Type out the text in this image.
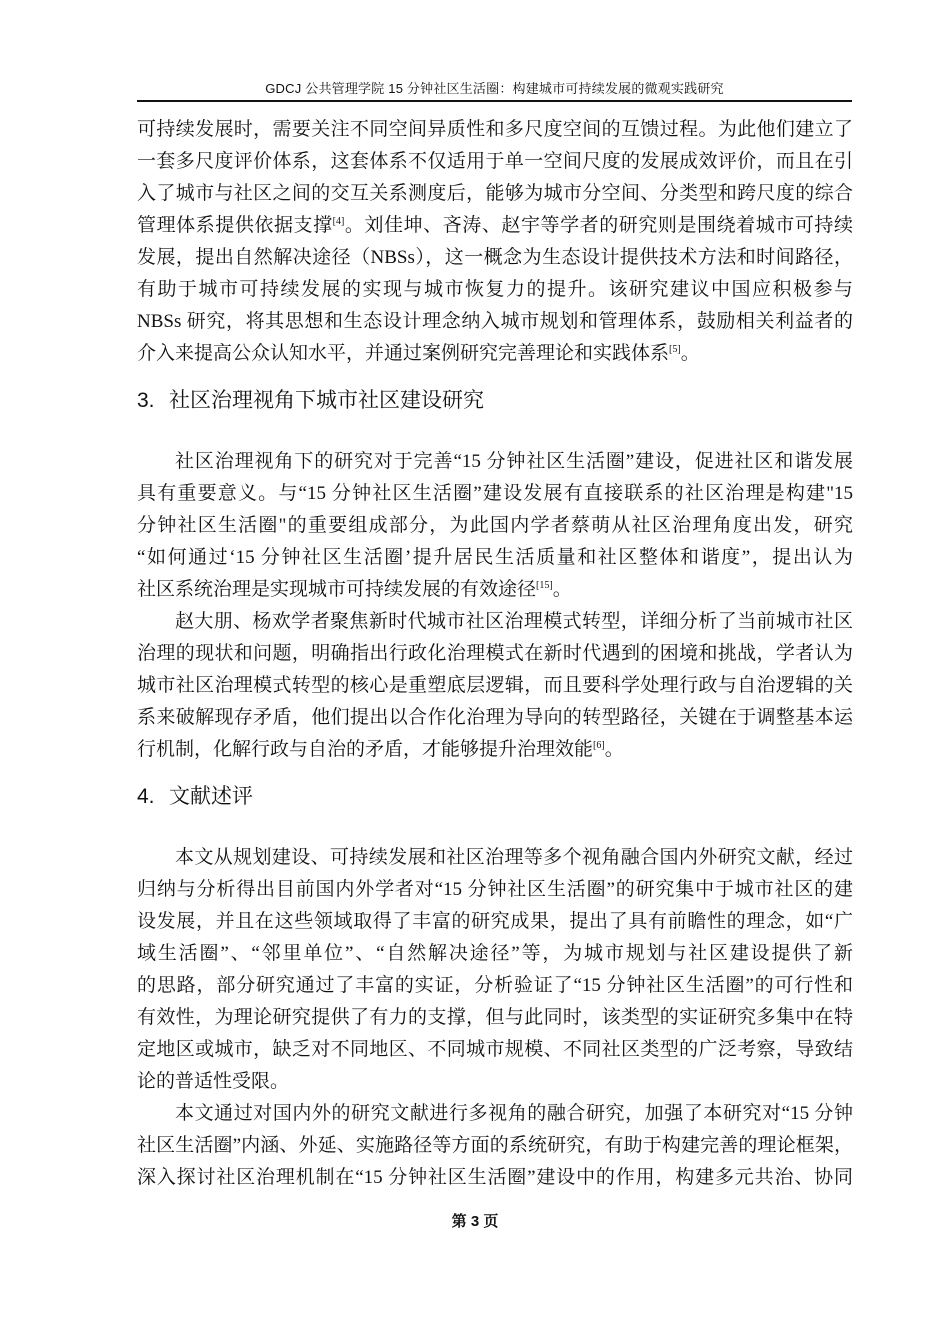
GDCJ 公共管理学院 15 分钟社区生活圈：构建城市可持续发展的微观实践研究
可持续发展时，需要关注不同空间异质性和多尺度空间的互馈过程。为此他们建立了
一套多尺度评价体系，这套体系不仅适用于单一空间尺度的发展成效评价，而且在引
入了城市与社区之间的交互关系测度后，能够为城市分空间、分类型和跨尺度的综合
管理体系提供依据支撑[4]。刘佳坤、吝涛、赵宇等学者的研究则是围绕着城市可持续
发展，提出自然解决途径（NBSs），这一概念为生态设计提供技术方法和时间路径，
有助于城市可持续发展的实现与城市恢复力的提升。该研究建议中国应积极参与
NBSs 研究，将其思想和生态设计理念纳入城市规划和管理体系，鼓励相关利益者的
介入来提高公众认知水平，并通过案例研究完善理论和实践体系[5]。
3. 社区治理视角下城市社区建设研究
社区治理视角下的研究对于完善“15 分钟社区生活圈”建设，促进社区和谐发展
具有重要意义。与“15 分钟社区生活圈”建设发展有直接联系的社区治理是构建"15
分钟社区生活圈"的重要组成部分，为此国内学者蔡萌从社区治理角度出发，研究
“如何通过‘15 分钟社区生活圈’提升居民生活质量和社区整体和谐度”，提出认为
社区系统治理是实现城市可持续发展的有效途径[15]。
赵大朋、杨欢学者聚焦新时代城市社区治理模式转型，详细分析了当前城市社区
治理的现状和问题，明确指出行政化治理模式在新时代遇到的困境和挑战，学者认为
城市社区治理模式转型的核心是重塑底层逻辑，而且要科学处理行政与自治逻辑的关
系来破解现存矛盾，他们提出以合作化治理为导向的转型路径，关键在于调整基本运
行机制，化解行政与自治的矛盾，才能够提升治理效能[6]。
4. 文献述评
本文从规划建设、可持续发展和社区治理等多个视角融合国内外研究文献，经过
归纳与分析得出目前国内外学者对“15 分钟社区生活圈”的研究集中于城市社区的建
设发展，并且在这些领域取得了丰富的研究成果，提出了具有前瞻性的理念，如“广
域生活圈”、“邻里单位”、“自然解决途径”等，为城市规划与社区建设提供了新
的思路，部分研究通过了丰富的实证，分析验证了“15 分钟社区生活圈”的可行性和
有效性，为理论研究提供了有力的支撑，但与此同时，该类型的实证研究多集中在特
定地区或城市，缺乏对不同地区、不同城市规模、不同社区类型的广泛考察，导致结
论的普适性受限。
本文通过对国内外的研究文献进行多视角的融合研究，加强了本研究对“15 分钟
社区生活圈”内涵、外延、实施路径等方面的系统研究，有助于构建完善的理论框架，
深入探讨社区治理机制在“15 分钟社区生活圈”建设中的作用，构建多元共治、协同
第 3 页
